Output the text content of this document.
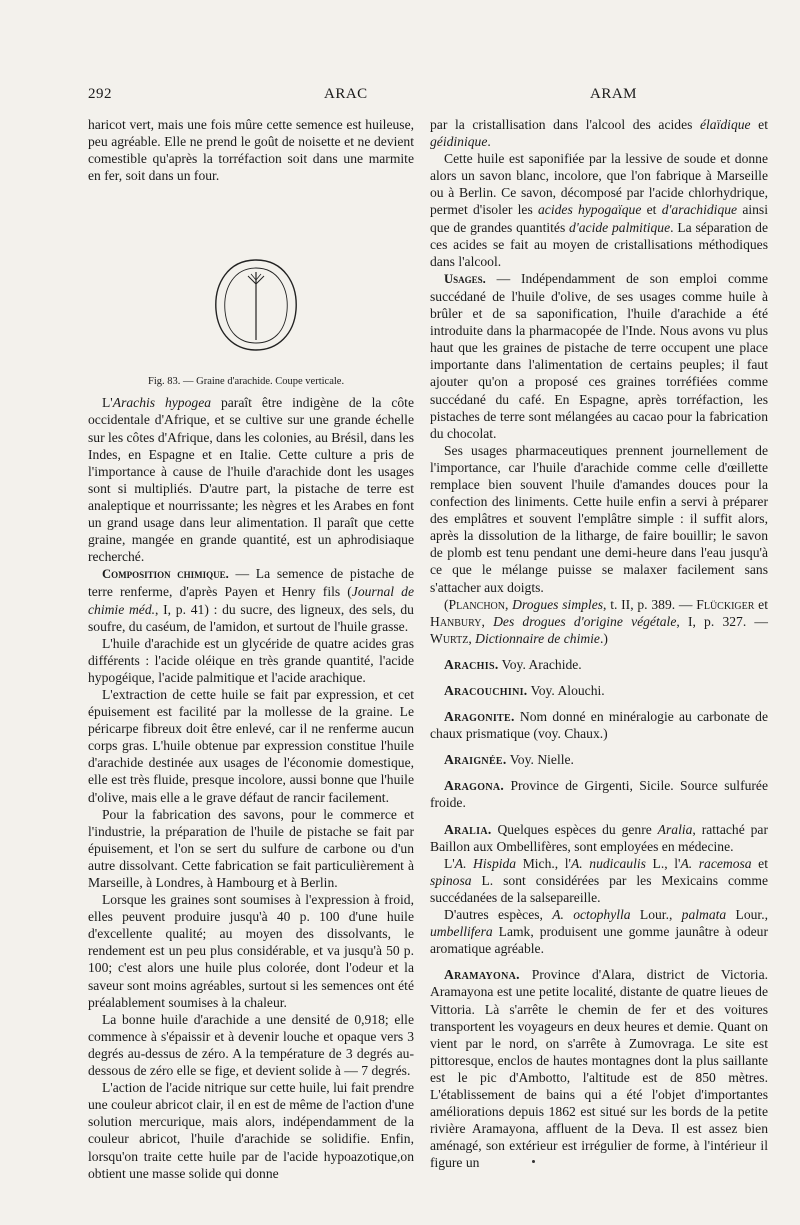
292	ARAC	ARAM

haricot vert, mais une fois mûre cette semence est huileuse, peu agréable. Elle ne prend le goût de noisette et ne devient comestible qu'après la torréfaction soit dans une marmite en fer, soit dans un four.

Fig. 83. — Graine d'arachide. Coupe verticale.

L'Arachis hypogea paraît être indigène de la côte occidentale d'Afrique, et se cultive sur une grande échelle sur les côtes d'Afrique, dans les colonies, au Brésil, dans les Indes, en Espagne et en Italie. Cette culture a pris de l'importance à cause de l'huile d'arachide dont les usages sont si multipliés. D'autre part, la pistache de terre est analeptique et nourrissante; les nègres et les Arabes en font un grand usage dans leur alimentation. Il paraît que cette graine, mangée en grande quantité, est un aphrodisiaque recherché.

Composition chimique. — La semence de pistache de terre renferme, d'après Payen et Henry fils (Journal de chimie méd., I, p. 41) : du sucre, des ligneux, des sels, du soufre, du caséum, de l'amidon, et surtout de l'huile grasse.

L'huile d'arachide est un glycéride de quatre acides gras différents : l'acide oléique en très grande quantité, l'acide hypogéique, l'acide palmitique et l'acide arachique.

L'extraction de cette huile se fait par expression, et cet épuisement est facilité par la mollesse de la graine. Le péricarpe fibreux doit être enlevé, car il ne renferme aucun corps gras. L'huile obtenue par expression constitue l'huile d'arachide destinée aux usages de l'économie domestique, elle est très fluide, presque incolore, aussi bonne que l'huile d'olive, mais elle a le grave défaut de rancir facilement.

Pour la fabrication des savons, pour le commerce et l'industrie, la préparation de l'huile de pistache se fait par épuisement, et l'on se sert du sulfure de carbone ou d'un autre dissolvant. Cette fabrication se fait particulièrement à Marseille, à Londres, à Hambourg et à Berlin.

Lorsque les graines sont soumises à l'expression à froid, elles peuvent produire jusqu'à 40 p. 100 d'une huile d'excellente qualité; au moyen des dissolvants, le rendement est un peu plus considérable, et va jusqu'à 50 p. 100; c'est alors une huile plus colorée, dont l'odeur et la saveur sont moins agréables, surtout si les semences ont été préalablement soumises à la chaleur.

La bonne huile d'arachide a une densité de 0,918; elle commence à s'épaissir et à devenir louche et opaque vers 3 degrés au-dessus de zéro. A la température de 3 degrés au-dessous de zéro elle se fige, et devient solide à — 7 degrés.

L'action de l'acide nitrique sur cette huile, lui fait prendre une couleur abricot clair, il en est de même de l'action d'une solution mercurique, mais alors, indépendamment de la couleur abricot, l'huile d'arachide se solidifie. Enfin, lorsqu'on traite cette huile par de l'acide hypoazotique,on obtient une masse solide qui donne

par la cristallisation dans l'alcool des acides élaïdique et géidinique.

Cette huile est saponifiée par la lessive de soude et donne alors un savon blanc, incolore, que l'on fabrique à Marseille ou à Berlin. Ce savon, décomposé par l'acide chlorhydrique, permet d'isoler les acides hypogaïque et d'arachidique ainsi que de grandes quantités d'acide palmitique. La séparation de ces acides se fait au moyen de cristallisations méthodiques dans l'alcool.

Usages. — Indépendamment de son emploi comme succédané de l'huile d'olive, de ses usages comme huile à brûler et de sa saponification, l'huile d'arachide a été introduite dans la pharmacopée de l'Inde. Nous avons vu plus haut que les graines de pistache de terre occupent une place importante dans l'alimentation de certains peuples; il faut ajouter qu'on a proposé ces graines torréfiées comme succédané du café. En Espagne, après torréfaction, les pistaches de terre sont mélangées au cacao pour la fabrication du chocolat.

Ses usages pharmaceutiques prennent journellement de l'importance, car l'huile d'arachide comme celle d'œillette remplace bien souvent l'huile d'amandes douces pour la confection des liniments. Cette huile enfin a servi à préparer des emplâtres et souvent l'emplâtre simple : il suffit alors, après la dissolution de la litharge, de faire bouillir; le savon de plomb est tenu pendant une demi-heure dans l'eau jusqu'à ce que le mélange puisse se malaxer facilement sans s'attacher aux doigts.

(Planchon, Drogues simples, t. II, p. 389. — Flückiger et Hanbury, Des drogues d'origine végétale, I, p. 327. — Wurtz, Dictionnaire de chimie.)

Arachis. Voy. Arachide.

Aracouchini. Voy. Alouchi.

Aragonite. Nom donné en minéralogie au carbonate de chaux prismatique (voy. Chaux.)

Araignée. Voy. Nielle.

Aragona. Province de Girgenti, Sicile. Source sulfurée froide.

Aralia. Quelques espèces du genre Aralia, rattaché par Baillon aux Ombellifères, sont employées en médecine.

L'A. Hispida Mich., l'A. nudicaulis L., l'A. racemosa et spinosa L. sont considérées par les Mexicains comme succédanées de la salsepareille.

D'autres espèces, A. octophylla Lour., palmata Lour., umbellifera Lamk, produisent une gomme jaunâtre à odeur aromatique agréable.

Aramayona. Province d'Alara, district de Victoria. Aramayona est une petite localité, distante de quatre lieues de Vittoria. Là s'arrête le chemin de fer et des voitures transportent les voyageurs en deux heures et demie. Quant on vient par le nord, on s'arrête à Zumovraga. Le site est pittoresque, enclos de hautes montagnes dont la plus saillante est le pic d'Ambotto, l'altitude est de 850 mètres. L'établissement de bains qui a été l'objet d'importantes améliorations depuis 1862 est situé sur les bords de la petite rivière Aramayona, affluent de la Deva. Il est assez bien aménagé, son extérieur est irrégulier de forme, à l'intérieur il figure un
